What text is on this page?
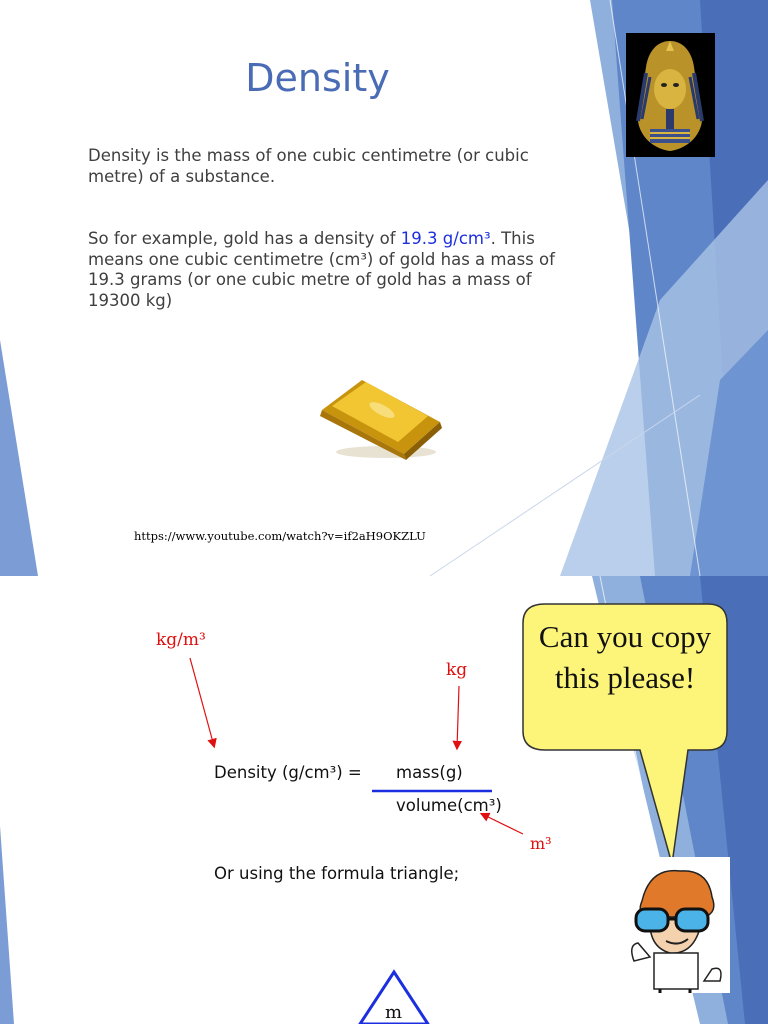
Density
Density is the mass of one cubic centimetre (or cubic metre) of a substance.
So for example, gold has a density of 19.3 g/cm³. This means one cubic centimetre (cm³) of gold has a mass of 19.3 grams (or one cubic metre of gold has a mass of 19300 kg)
https://www.youtube.com/watch?v=if2aH9OKZLU
kg/m³
kg
m³
Density (g/cm³) = mass(g)
volume(cm³)
Or using the formula triangle;
m
Can you copy this please!
